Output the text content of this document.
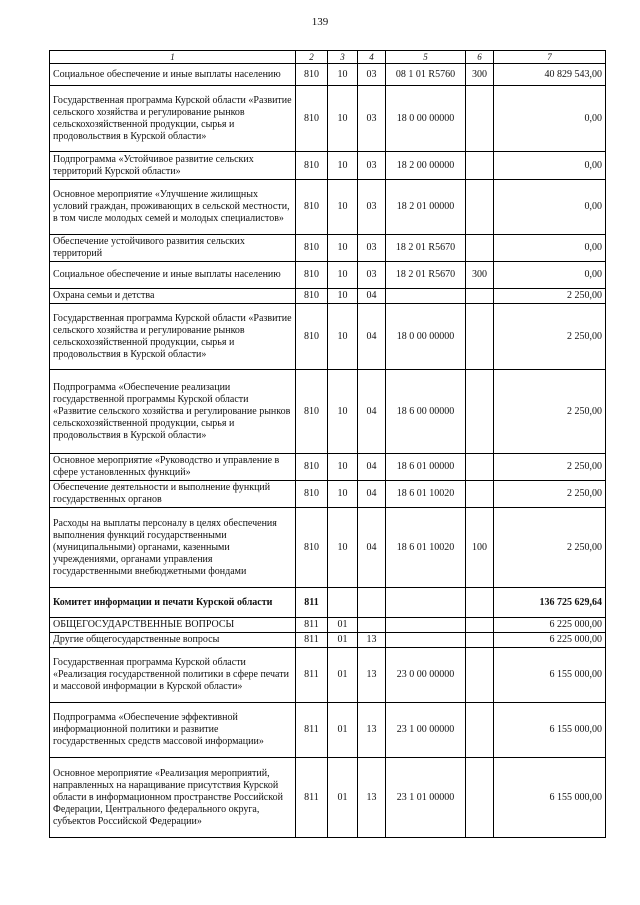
139
1	2	3	4	5	6	7
Социальное обеспечение и иные выплаты населению	810	10	03	08 1 01 R5760	300	40 829 543,00
Государственная программа Курской области «Развитие сельского хозяйства и регулирование рынков сельскохозяйственной продукции, сырья и продовольствия в Курской области»	810	10	03	18 0 00 00000		0,00
Подпрограмма «Устойчивое развитие сельских территорий Курской области»	810	10	03	18 2 00 00000		0,00
Основное мероприятие «Улучшение жилищных условий граждан, проживающих в сельской местности, в том числе молодых семей и молодых специалистов»	810	10	03	18 2 01 00000		0,00
Обеспечение устойчивого развития сельских территорий	810	10	03	18 2 01 R5670		0,00
Социальное обеспечение и иные выплаты населению	810	10	03	18 2 01 R5670	300	0,00
Охрана семьи и детства	810	10	04			2 250,00
Государственная программа Курской области «Развитие сельского хозяйства и регулирование рынков сельскохозяйственной продукции, сырья и продовольствия в Курской области»	810	10	04	18 0 00 00000		2 250,00
Подпрограмма «Обеспечение реализации государственной программы Курской области «Развитие сельского хозяйства и регулирование рынков сельскохозяйственной продукции, сырья и продовольствия в Курской области»	810	10	04	18 6 00 00000		2 250,00
Основное мероприятие «Руководство и управление в сфере установленных функций»	810	10	04	18 6 01 00000		2 250,00
Обеспечение деятельности и выполнение функций государственных органов	810	10	04	18 6 01 10020		2 250,00
Расходы на выплаты персоналу в целях обеспечения выполнения функций государственными (муниципальными) органами, казенными учреждениями, органами управления государственными внебюджетными фондами	810	10	04	18 6 01 10020	100	2 250,00
Комитет информации и печати Курской области	811					136 725 629,64
ОБЩЕГОСУДАРСТВЕННЫЕ ВОПРОСЫ	811	01				6 225 000,00
Другие общегосударственные вопросы	811	01	13			6 225 000,00
Государственная программа Курской области «Реализация государственной политики в сфере печати и массовой информации в Курской области»	811	01	13	23 0 00 00000		6 155 000,00
Подпрограмма «Обеспечение эффективной информационной политики и развитие государственных средств массовой информации»	811	01	13	23 1 00 00000		6 155 000,00
Основное мероприятие «Реализация мероприятий, направленных на наращивание присутствия Курской области в информационном пространстве Российской Федерации, Центрального федерального округа, субъектов Российской Федерации»	811	01	13	23 1 01 00000		6 155 000,00
